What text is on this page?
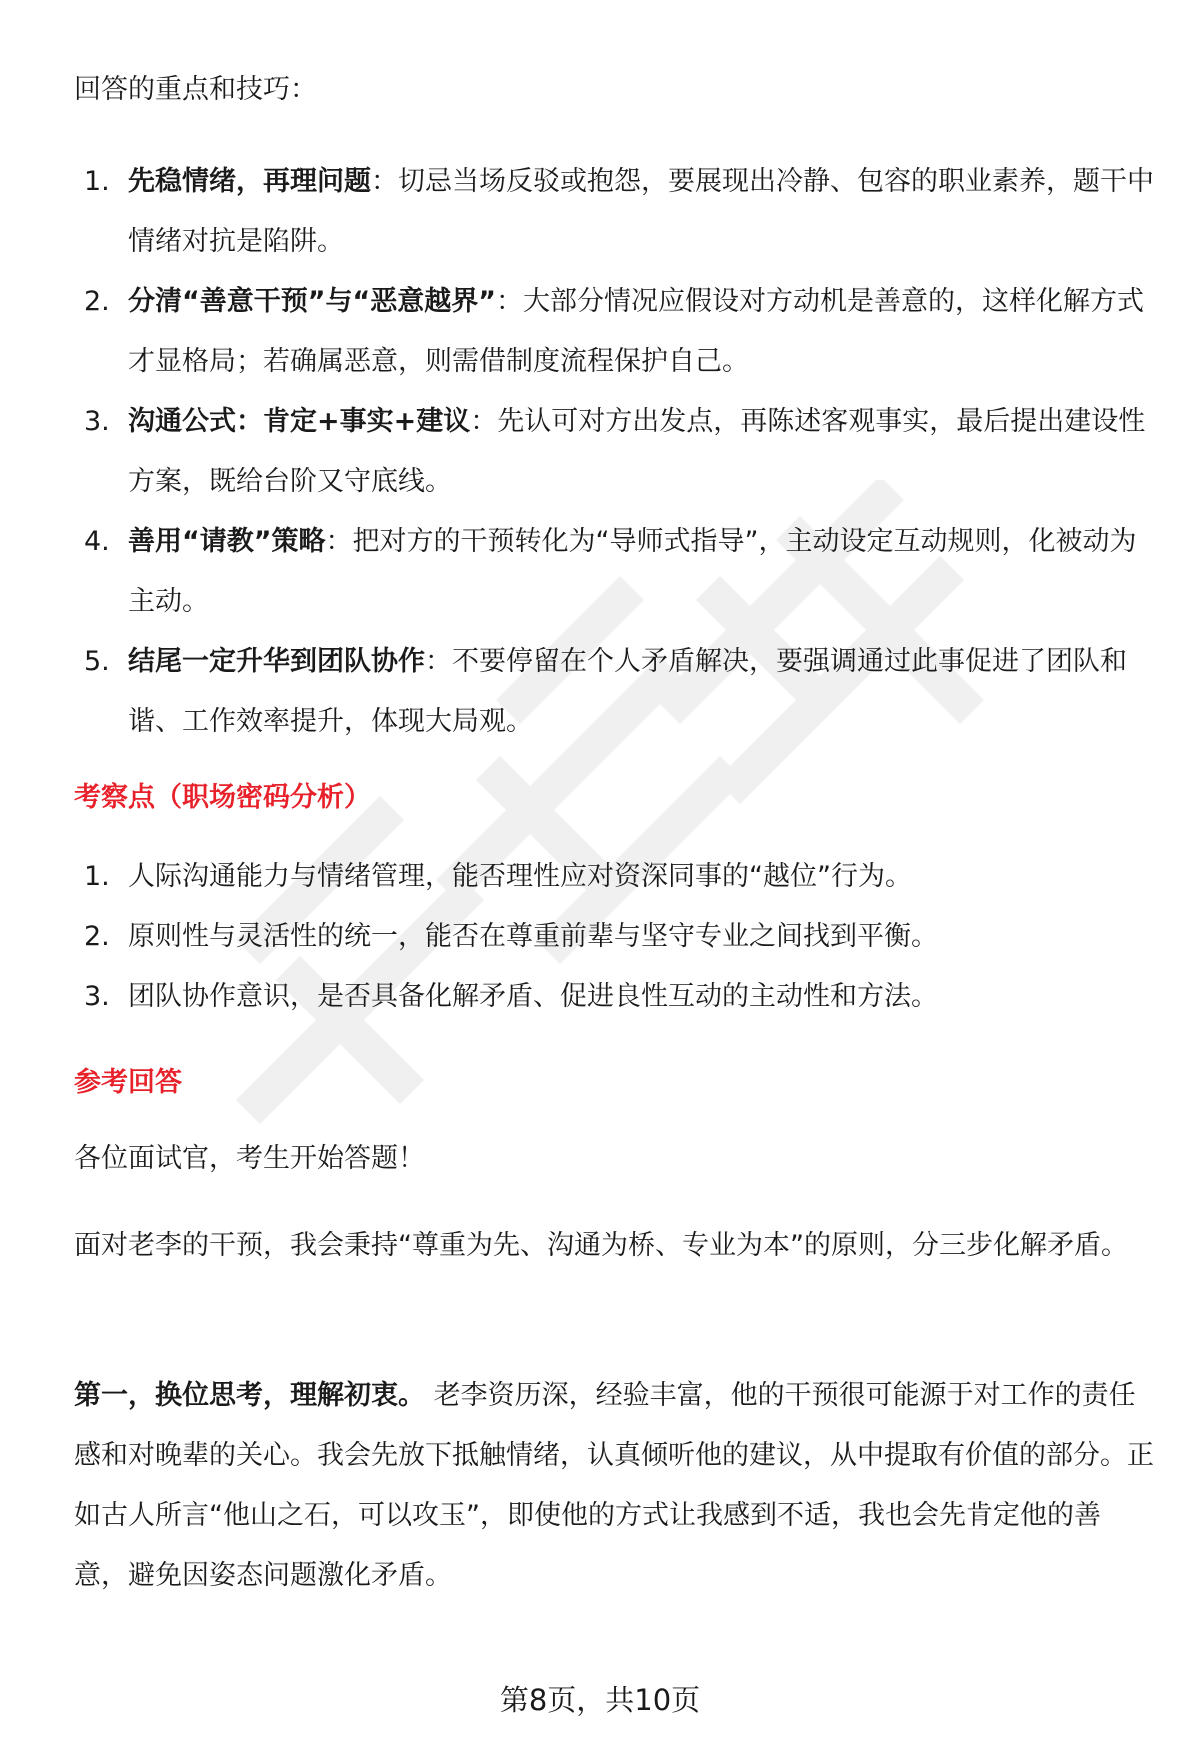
回答的重点和技巧：

1. 先稳情绪，再理问题：切忌当场反驳或抱怨，要展现出冷静、包容的职业素养，题干中情绪对抗是陷阱。
2. 分清“善意干预”与“恶意越界”：大部分情况应假设对方动机是善意的，这样化解方式才显格局；若确属恶意，则需借制度流程保护自己。
3. 沟通公式：肯定+事实+建议：先认可对方出发点，再陈述客观事实，最后提出建设性方案，既给台阶又守底线。
4. 善用“请教”策略：把对方的干预转化为“导师式指导”，主动设定互动规则，化被动为主动。
5. 结尾一定升华到团队协作：不要停留在个人矛盾解决，要强调通过此事促进了团队和谐、工作效率提升，体现大局观。
考察点（职场密码分析）
1. 人际沟通能力与情绪管理，能否理性应对资深同事的“越位”行为。
2. 原则性与灵活性的统一，能否在尊重前辈与坚守专业之间找到平衡。
3. 团队协作意识，是否具备化解矛盾、促进良性互动的主动性和方法。
参考回答

各位面试官，考生开始答题！

面对老李的干预，我会秉持“尊重为先、沟通为桥、专业为本”的原则，分三步化解矛盾。

第一，换位思考，理解初衷。 老李资历深，经验丰富，他的干预很可能源于对工作的责任感和对晚辈的关心。我会先放下抵触情绪，认真倾听他的建议，从中提取有价值的部分。正如古人所言“他山之石，可以攻玉”，即使他的方式让我感到不适，我也会先肯定他的善意，避免因姿态问题激化矛盾。

第8页，共10页
